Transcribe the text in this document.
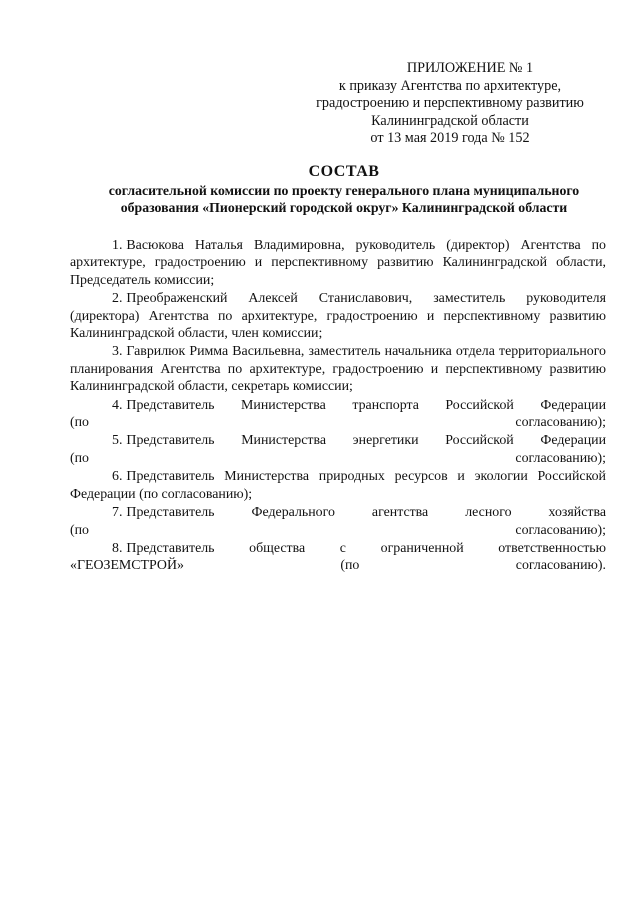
ПРИЛОЖЕНИЕ № 1
к приказу Агентства по архитектуре,
градостроению и перспективному развитию
Калининградской области
от 13 мая 2019 года № 152
СОСТАВ
согласительной комиссии по проекту генерального плана муниципального
образования «Пионерский городской округ» Калининградской области

1. Васюкова Наталья Владимировна, руководитель (директор) Агентства по архитектуре, градостроению и перспективному развитию Калининградской области, Председатель комиссии;

2. Преображенский Алексей Станиславович, заместитель руководителя (директора) Агентства по архитектуре, градостроению и перспективному развитию Калининградской области, член комиссии;

3. Гаврилюк Римма Васильевна, заместитель начальника отдела территориального планирования Агентства по архитектуре, градостроению и перспективному развитию Калининградской области, секретарь комиссии;

4. Представитель Министерства транспорта Российской Федерации
(по согласованию);

5. Представитель Министерства энергетики Российской Федерации
(по согласованию);

6. Представитель Министерства природных ресурсов и экологии Российской Федерации (по согласованию);

7. Представитель Федерального агентства лесного хозяйства
(по согласованию);

8. Представитель общества с ограниченной ответственностью
«ГЕОЗЕМСТРОЙ» (по согласованию).
